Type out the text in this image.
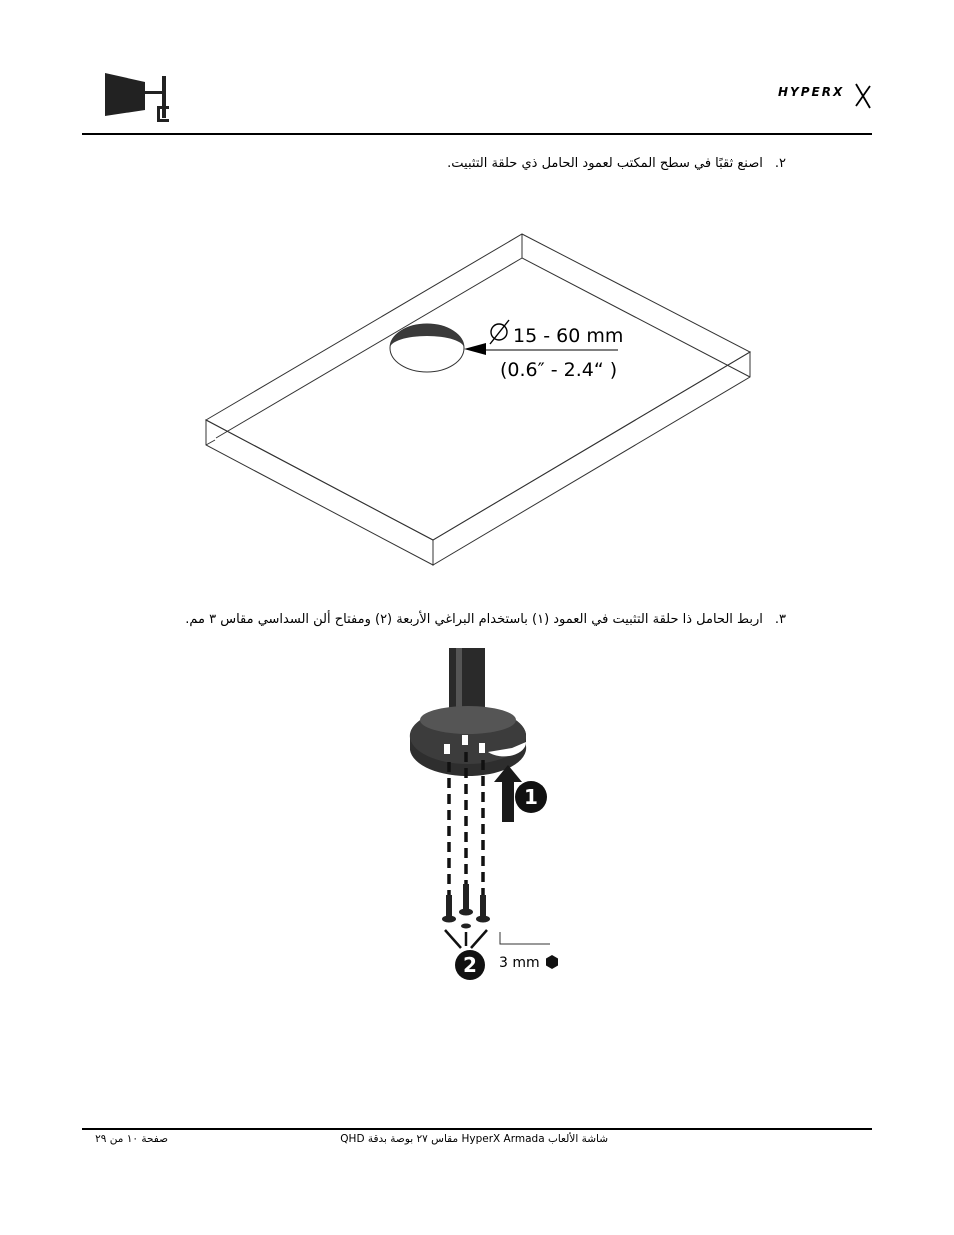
HYPERX
٢.اصنع ثقبًا في سطح المكتب لعمود الحامل ذي حلقة التثبيت.
15 - 60 mm
(0.6″ - 2.4“ )
٣.اربط الحامل ذا حلقة التثبيت في العمود (١) باستخدام البراغي الأربعة (٢) ومفتاح ألن السداسي مقاس ٣ مم.
1
2 3 mm
صفحة ١٠ من ٢٩	شاشة الألعاب HyperX Armada مقاس ٢٧ بوصة بدقة QHD
